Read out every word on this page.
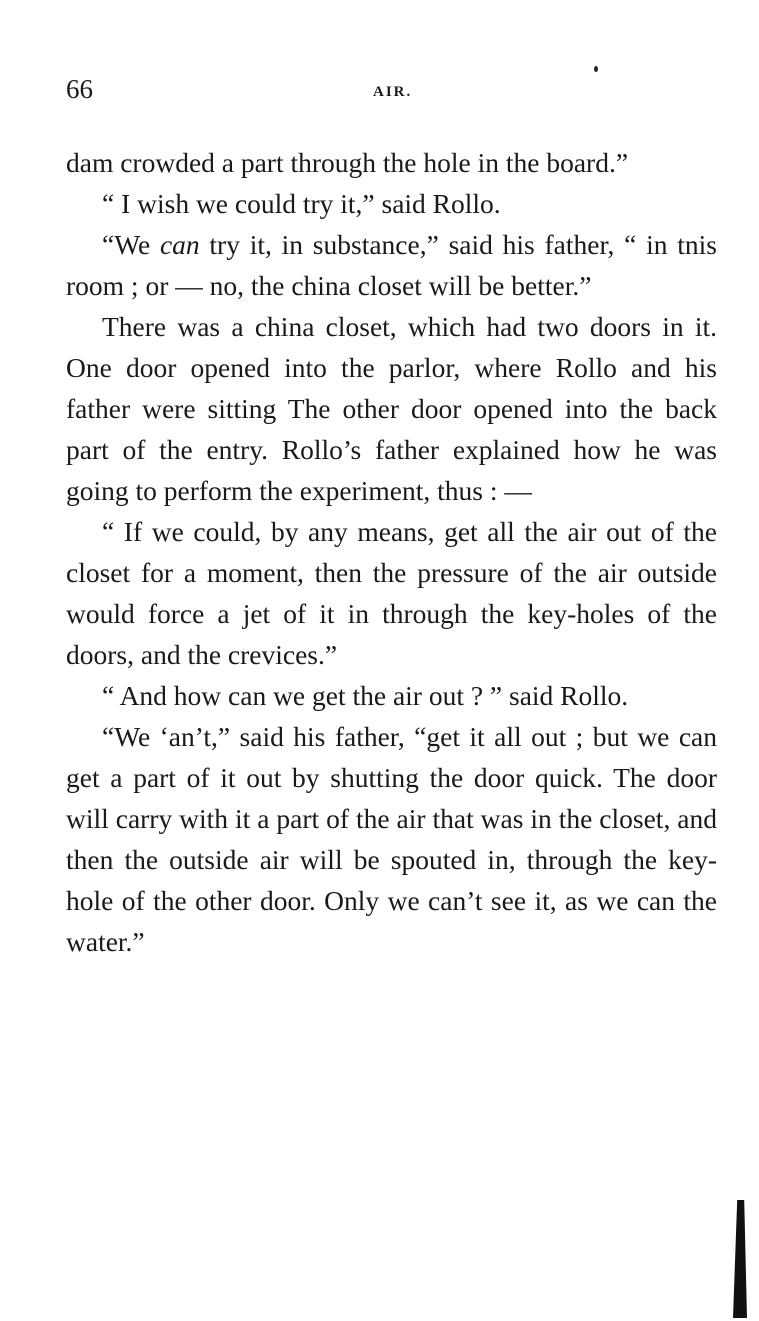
66	AIR.

dam crowded a part through the hole in the board.”

“ I wish we could try it,” said Rollo.

“We can try it, in substance,” said his father, “ in tnis room ; or — no, the china closet will be better.”

There was a china closet, which had two doors in it. One door opened into the parlor, where Rollo and his father were sitting The other door opened into the back part of the entry. Rollo’s father explained how he was going to perform the experiment, thus : —

“ If we could, by any means, get all the air out of the closet for a moment, then the pressure of the air outside would force a jet of it in through the key-holes of the doors, and the crevices.”

“ And how can we get the air out ? ” said Rollo.

“We ʻan’t,” said his father, “get it all out ; but we can get a part of it out by shutting the door quick. The door will carry with it a part of the air that was in the closet, and then the outside air will be spouted in, through the key-hole of the other door. Only we can’t see it, as we can the water.”
